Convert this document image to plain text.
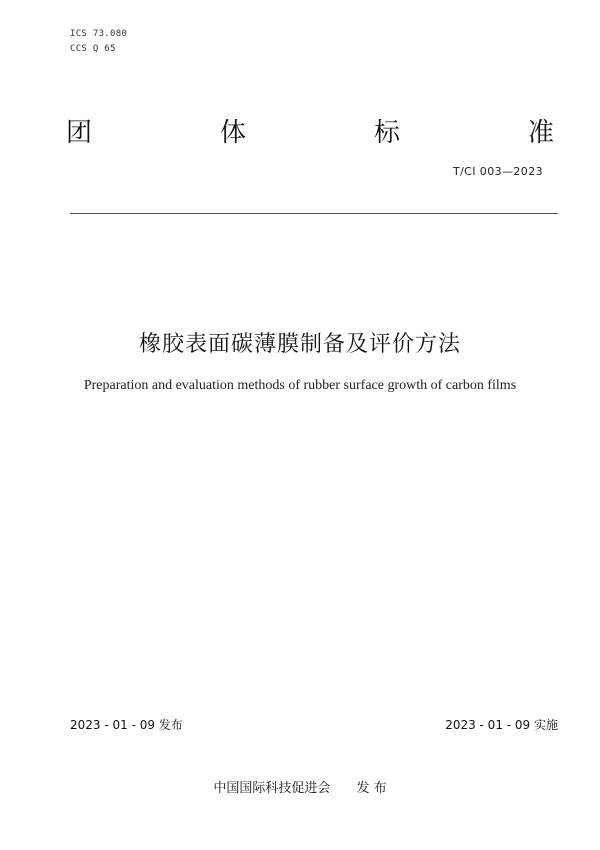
ICS 73.080
CCS Q 65
团	体	标	准
T/CI 003—2023
橡胶表面碳薄膜制备及评价方法
Preparation and evaluation methods of rubber surface growth of carbon films
2023 - 01 - 09 发布	2023 - 01 - 09 实施
中国国际科技促进会 发 布
